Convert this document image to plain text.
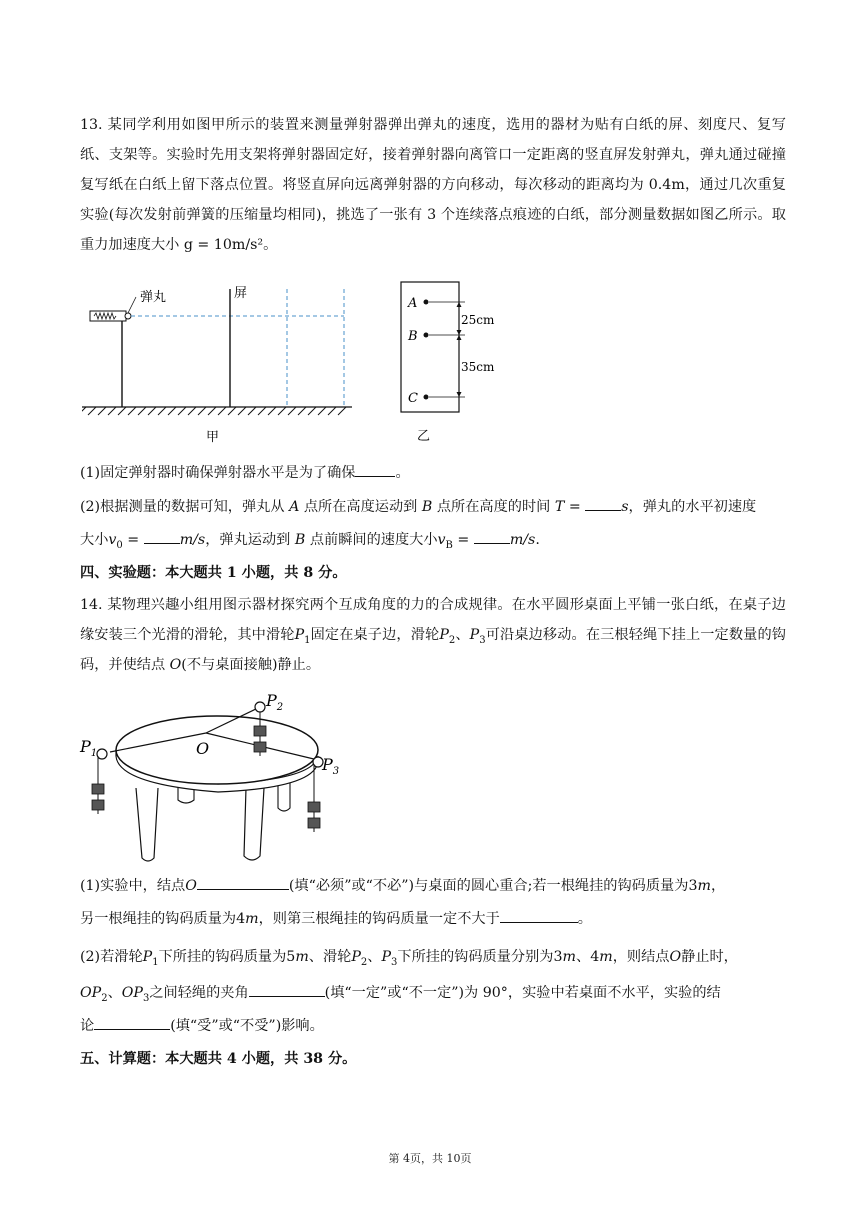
13. 某同学利用如图甲所示的装置来测量弹射器弹出弹丸的速度，选用的器材为贴有白纸的屏、刻度尺、复写纸、支架等。实验时先用支架将弹射器固定好，接着弹射器向离管口一定距离的竖直屏发射弹丸，弹丸通过碰撞复写纸在白纸上留下落点位置。将竖直屏向远离弹射器的方向移动，每次移动的距离均为 0.4m，通过几次重复实验(每次发射前弹簧的压缩量均相同)，挑选了一张有 3 个连续落点痕迹的白纸，部分测量数据如图乙所示。取重力加速度大小 g = 10m/s²。
弹丸	屏
甲
A
B
C
25cm
35cm
乙
(1)固定弹射器时确保弹射器水平是为了确保	。
(2)根据测量的数据可知，弹丸从 A 点所在高度运动到 B 点所在高度的时间 T =	s，弹丸的水平初速度
大小$v_0$ =	m/s，弹丸运动到 B 点前瞬间的速度大小$v_B$ =	m/s.
四、实验题：本大题共 1 小题，共 8 分。
14. 某物理兴趣小组用图示器材探究两个互成角度的力的合成规律。在水平圆形桌面上平铺一张白纸，在桌子边缘安装三个光滑的滑轮，其中滑轮$P_1$固定在桌子边，滑轮$P_2$、$P_3$可沿桌边移动。在三根轻绳下挂上一定数量的钩码，并使结点 O(不与桌面接触)静止。
$P_1$
$P_2$
$P_3$
O
(1)实验中，结点O	(填“必须”或“不必”)与桌面的圆心重合;若一根绳挂的钩码质量为3m，
另一根绳挂的钩码质量为4m，则第三根绳挂的钩码质量一定不大于	。
(2)若滑轮$P_1$下所挂的钩码质量为5m、滑轮$P_2$、$P_3$下所挂的钩码质量分别为3m、4m，则结点O静止时，
$OP_2$、$OP_3$之间轻绳的夹角	(填“一定”或“不一定”)为 90°，实验中若桌面不水平，实验的结
论	(填“受”或“不受”)影响。
五、计算题：本大题共 4 小题，共 38 分。
第 4页，共 10页
